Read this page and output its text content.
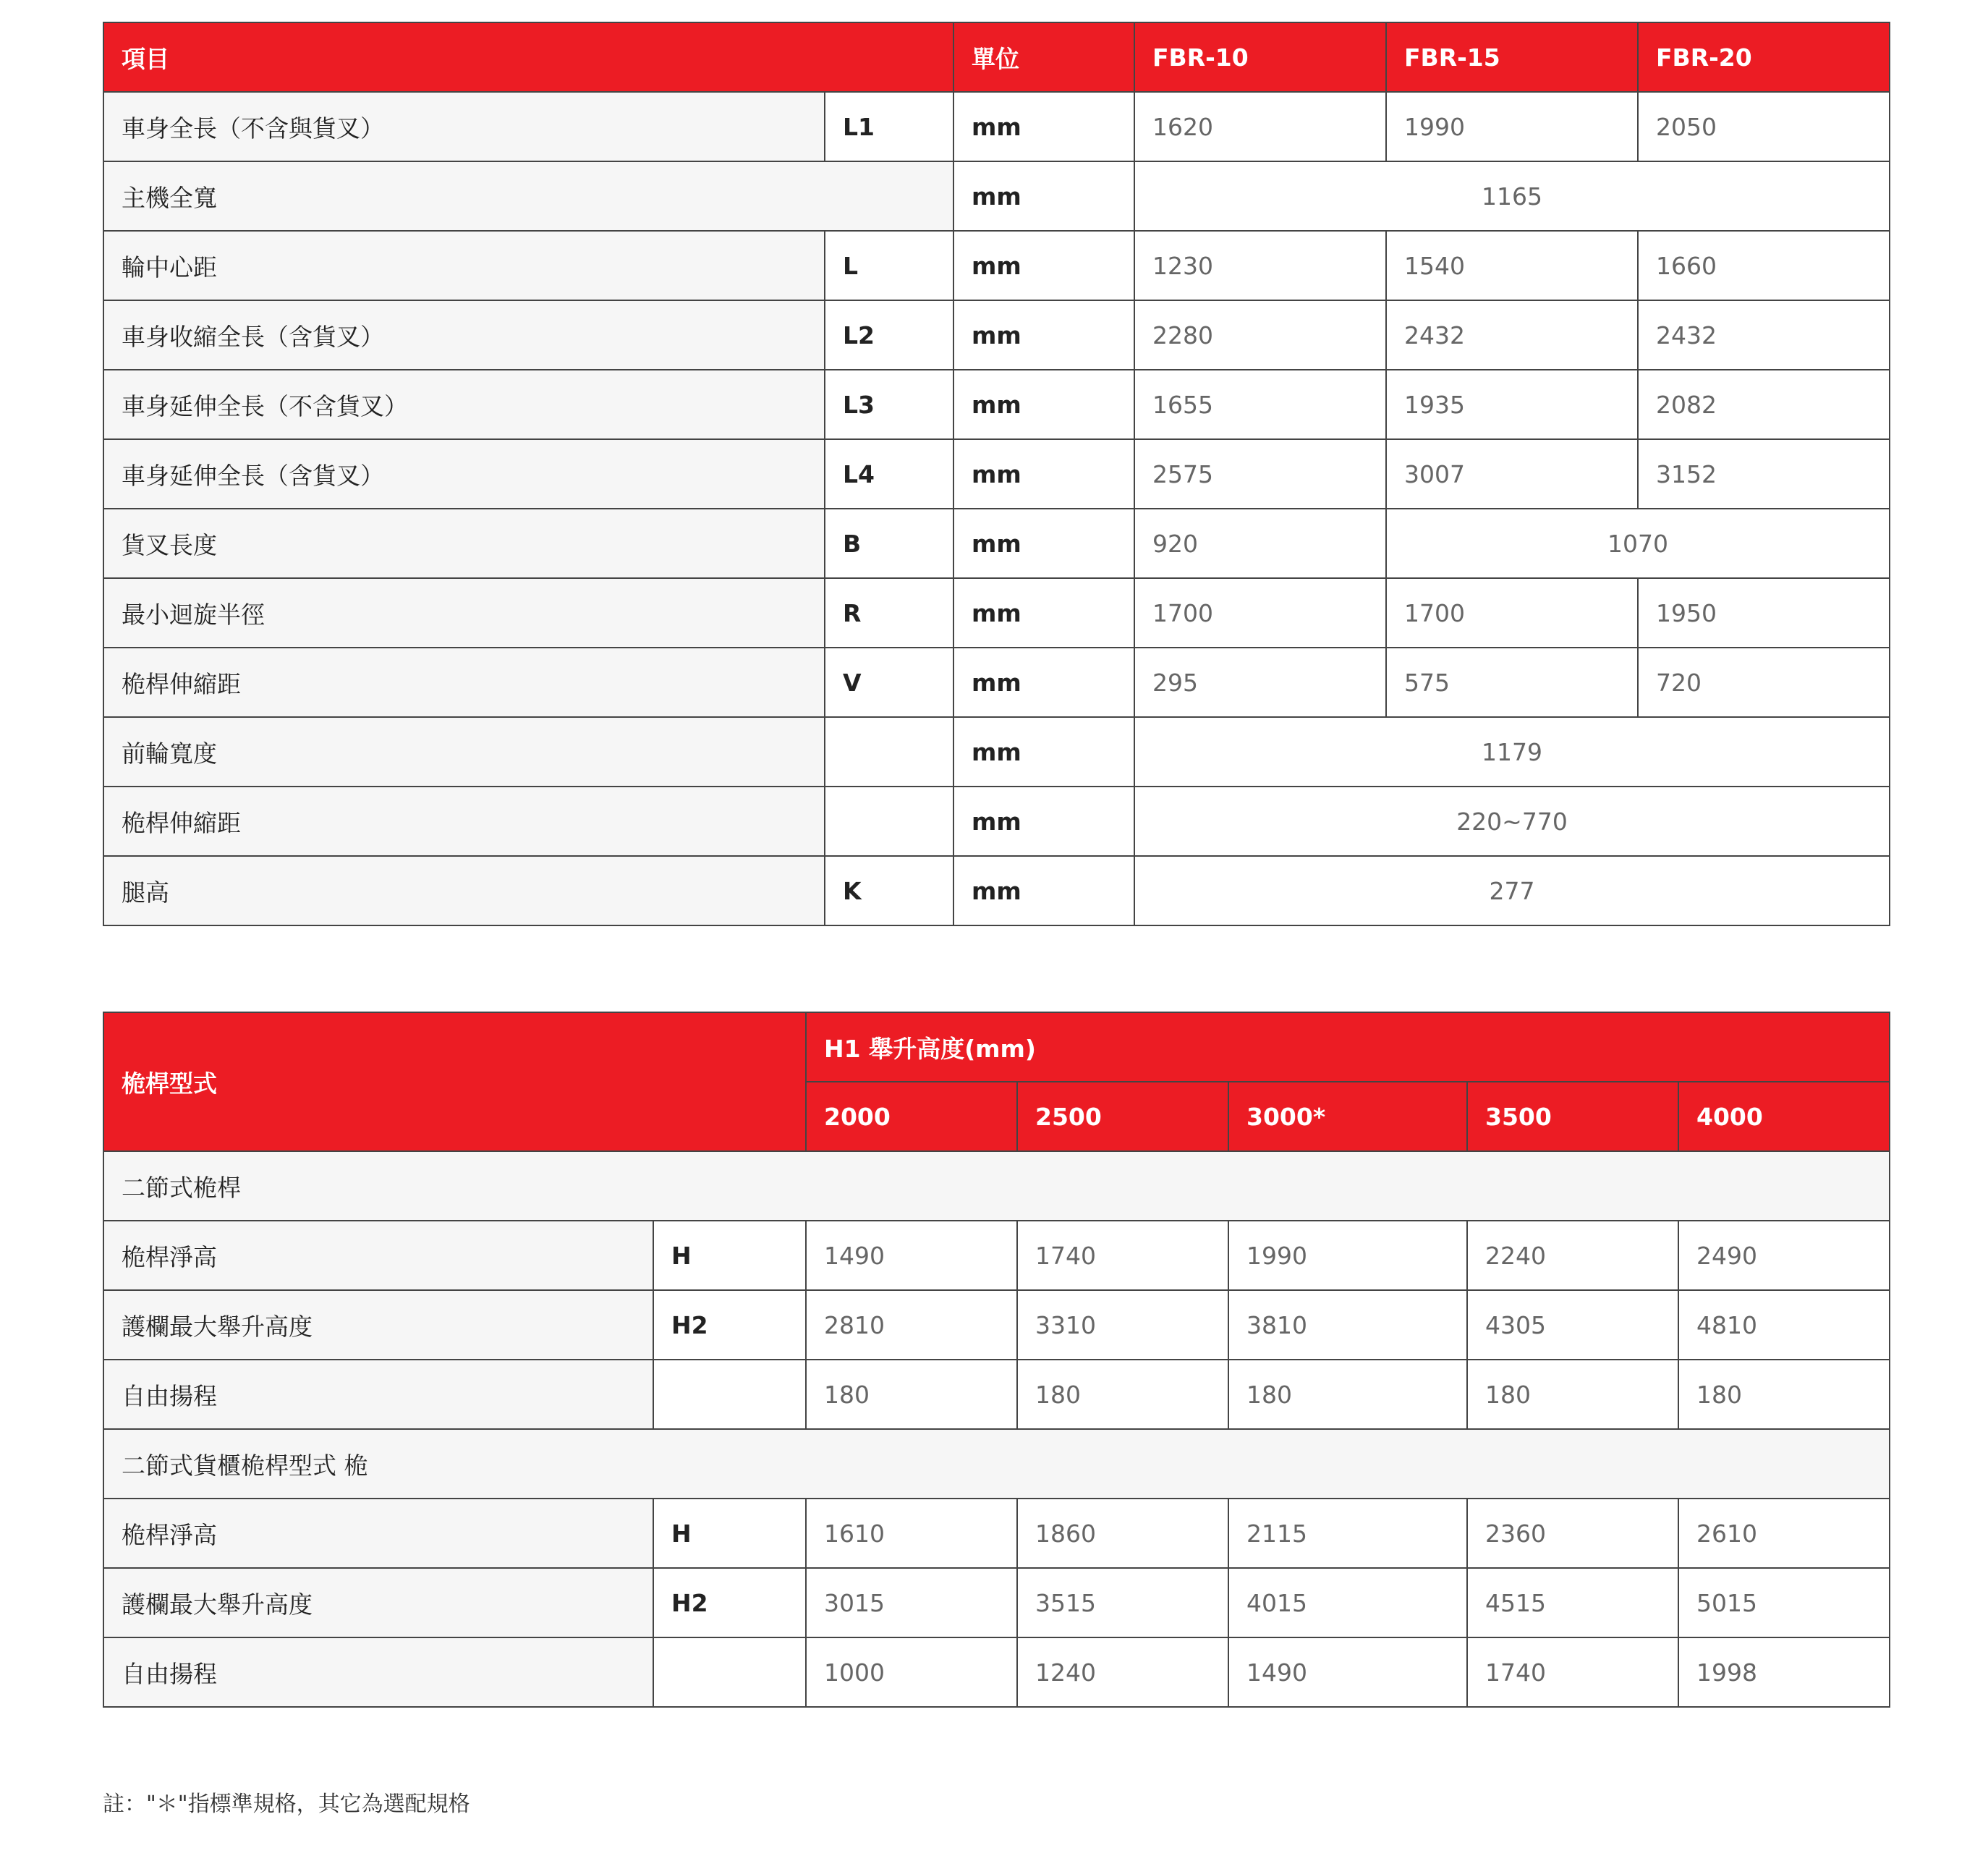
項目		單位	FBR-10	FBR-15	FBR-20
車身全長（不含與貨叉）	L1	mm	1620	1990	2050
主機全寬		mm	1165		
輪中心距	L	mm	1230	1540	1660
車身收縮全長（含貨叉）	L2	mm	2280	2432	2432
車身延伸全長（不含貨叉）	L3	mm	1655	1935	2082
車身延伸全長（含貨叉）	L4	mm	2575	3007	3152
貨叉長度	B	mm	920	1070	
最小迴旋半徑	R	mm	1700	1700	1950
桅桿伸縮距	V	mm	295	575	720
前輪寬度		mm	1179		
桅桿伸縮距		mm	220~770		
腿高	K	mm	277		
桅桿型式		H1 舉升高度(mm)				
		2000	2500	3000*	3500	4000
二節式桅桿						
桅桿淨高	H	1490	1740	1990	2240	2490
護欄最大舉升高度	H2	2810	3310	3810	4305	4810
自由揚程		180	180	180	180	180
二節式貨櫃桅桿型式 桅						
桅桿淨高	H	1610	1860	2115	2360	2610
護欄最大舉升高度	H2	3015	3515	4015	4515	5015
自由揚程		1000	1240	1490	1740	1998
註："＊"指標準規格，其它為選配規格
